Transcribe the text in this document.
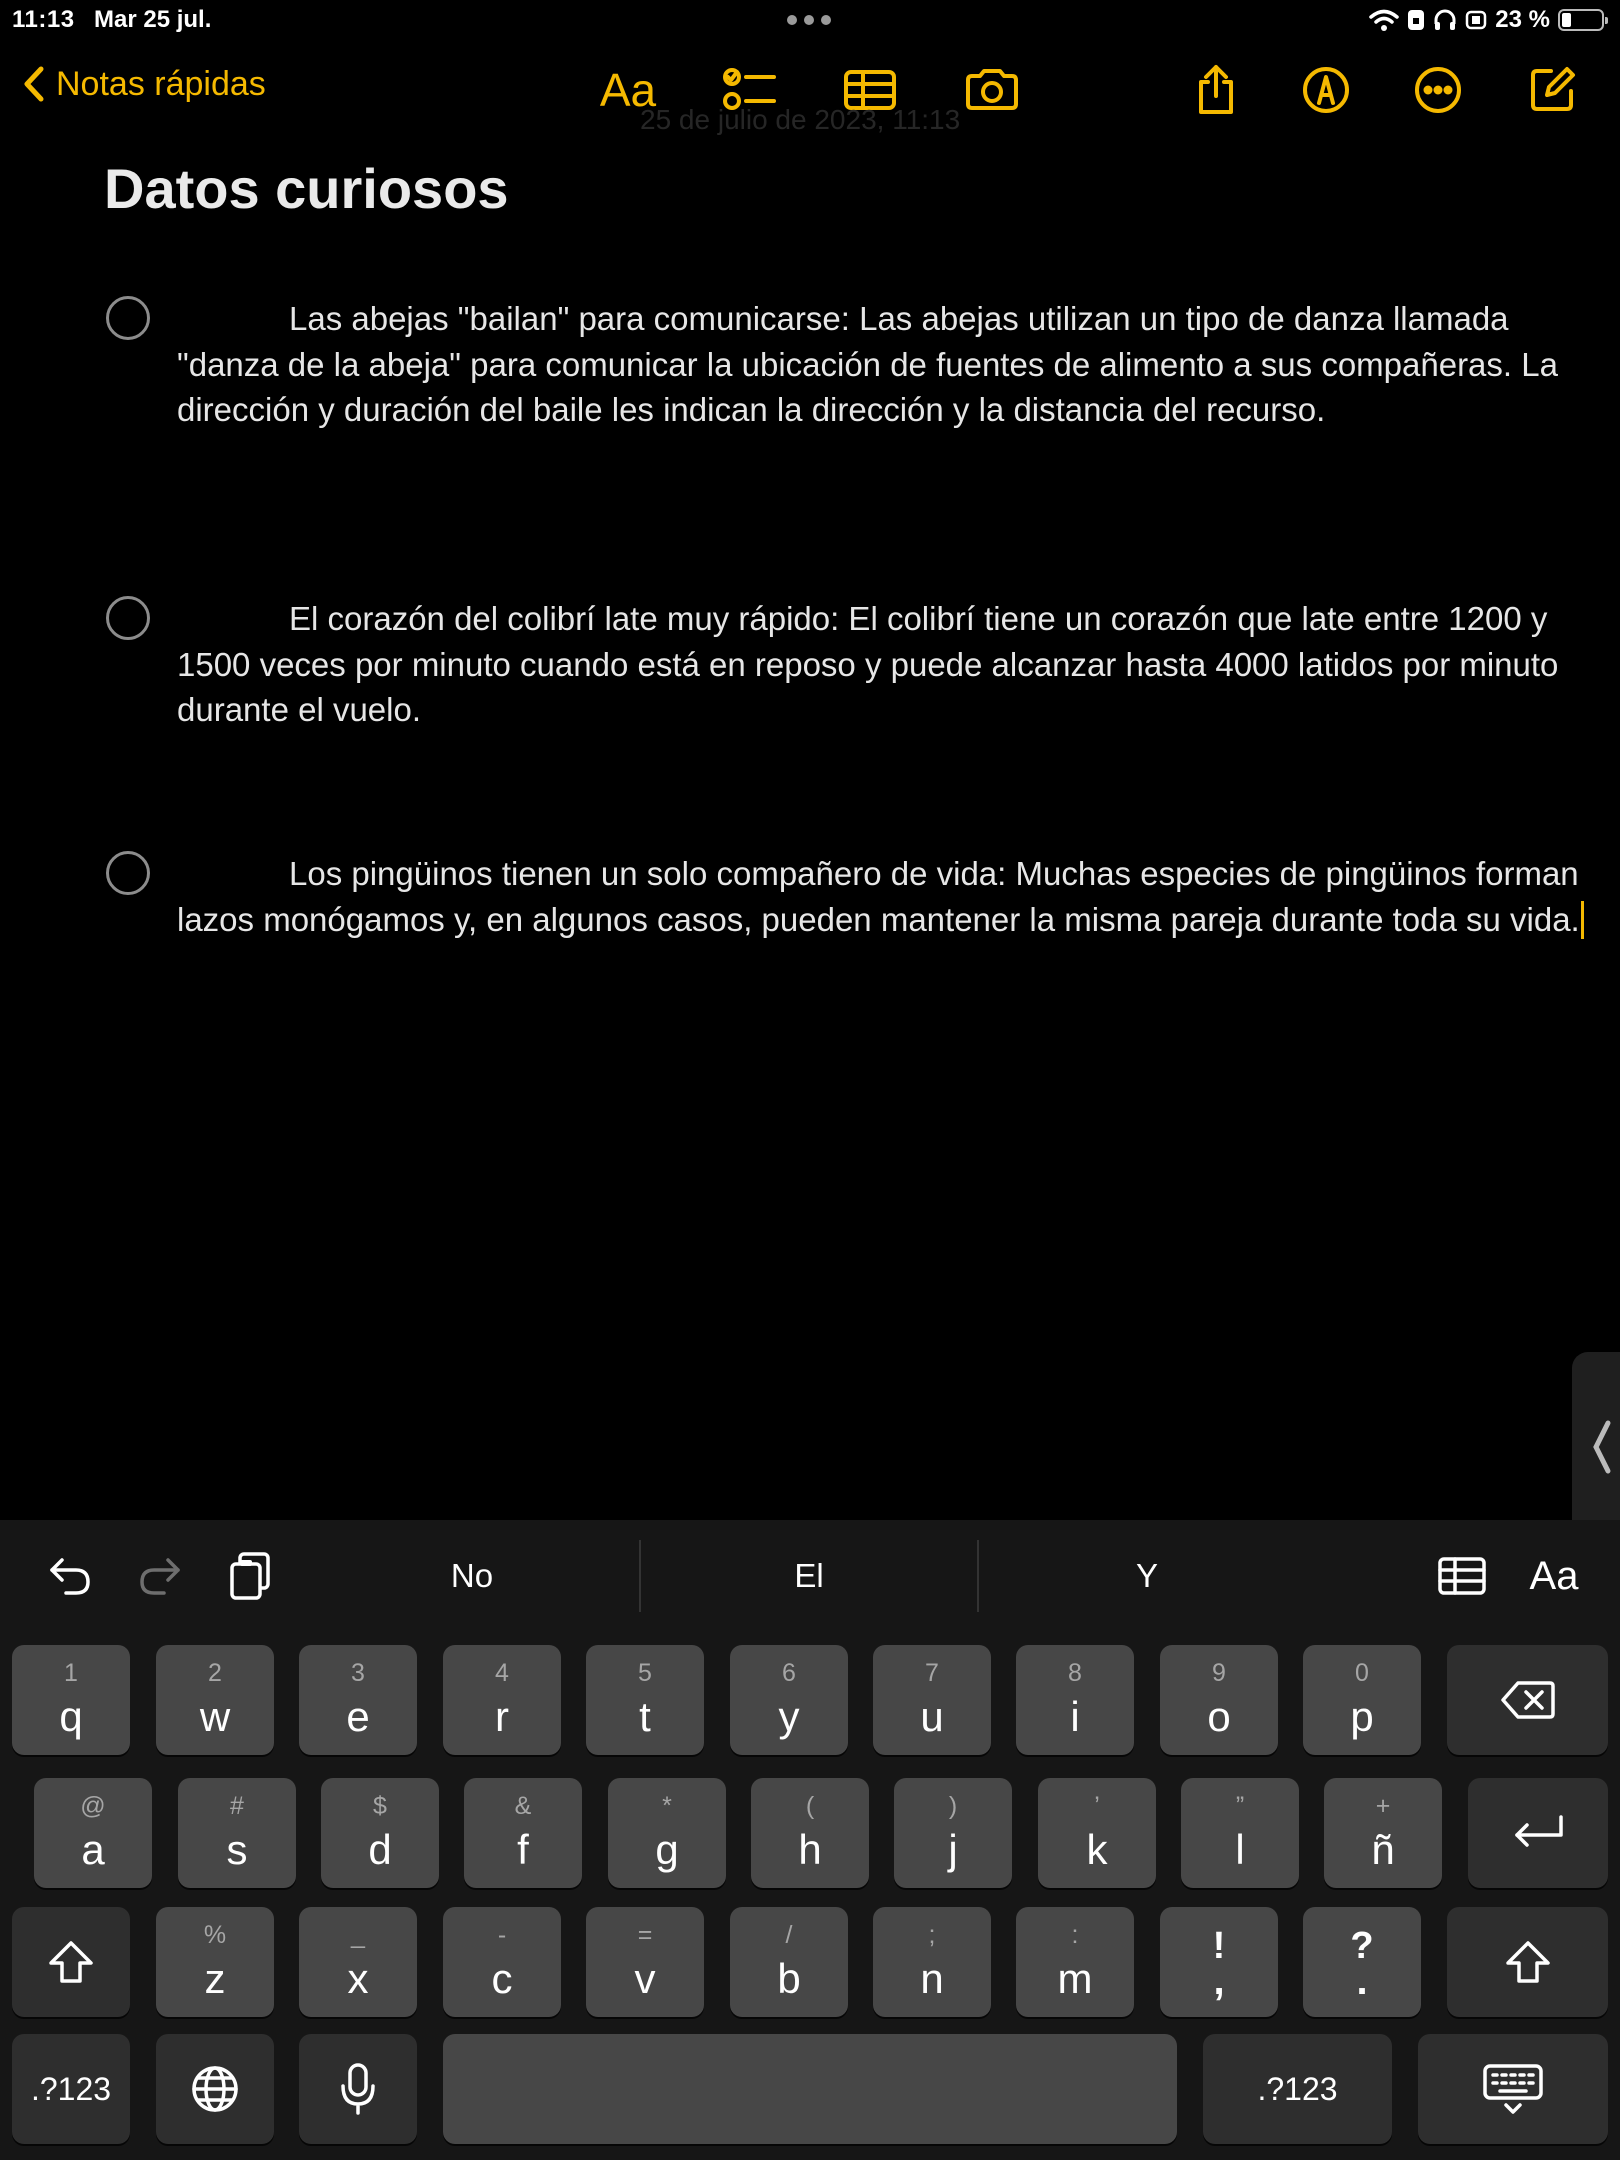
11:13 Mar 25 jul.	23 %
Notas rápidas	Aa
25 de julio de 2023, 11:13
Datos curiosos
Las abejas "bailan" para comunicarse: Las abejas utilizan un tipo de danza llamada "danza de la abeja" para comunicar la ubicación de fuentes de alimento a sus compañeras. La dirección y duración del baile les indican la dirección y la distancia del recurso.
El corazón del colibrí late muy rápido: El colibrí tiene un corazón que late entre 1200 y 1500 veces por minuto cuando está en reposo y puede alcanzar hasta 4000 latidos por minuto durante el vuelo.
Los pingüinos tienen un solo compañero de vida: Muchas especies de pingüinos forman lazos monógamos y, en algunos casos, pueden mantener la misma pareja durante toda su vida.
No	El	Y	Aa
1
q
2
w
3
e
4
r
5
t
6
y
7
u
8
i
9
o
0
p
@
a
#
s
$
d
&
f
*
g
(
h
)
j
’
k
”
l
+
ñ
%
z
_
x
-
c
=
v
/
b
;
n
:
m
!
,
?
.
.?123	.?123
